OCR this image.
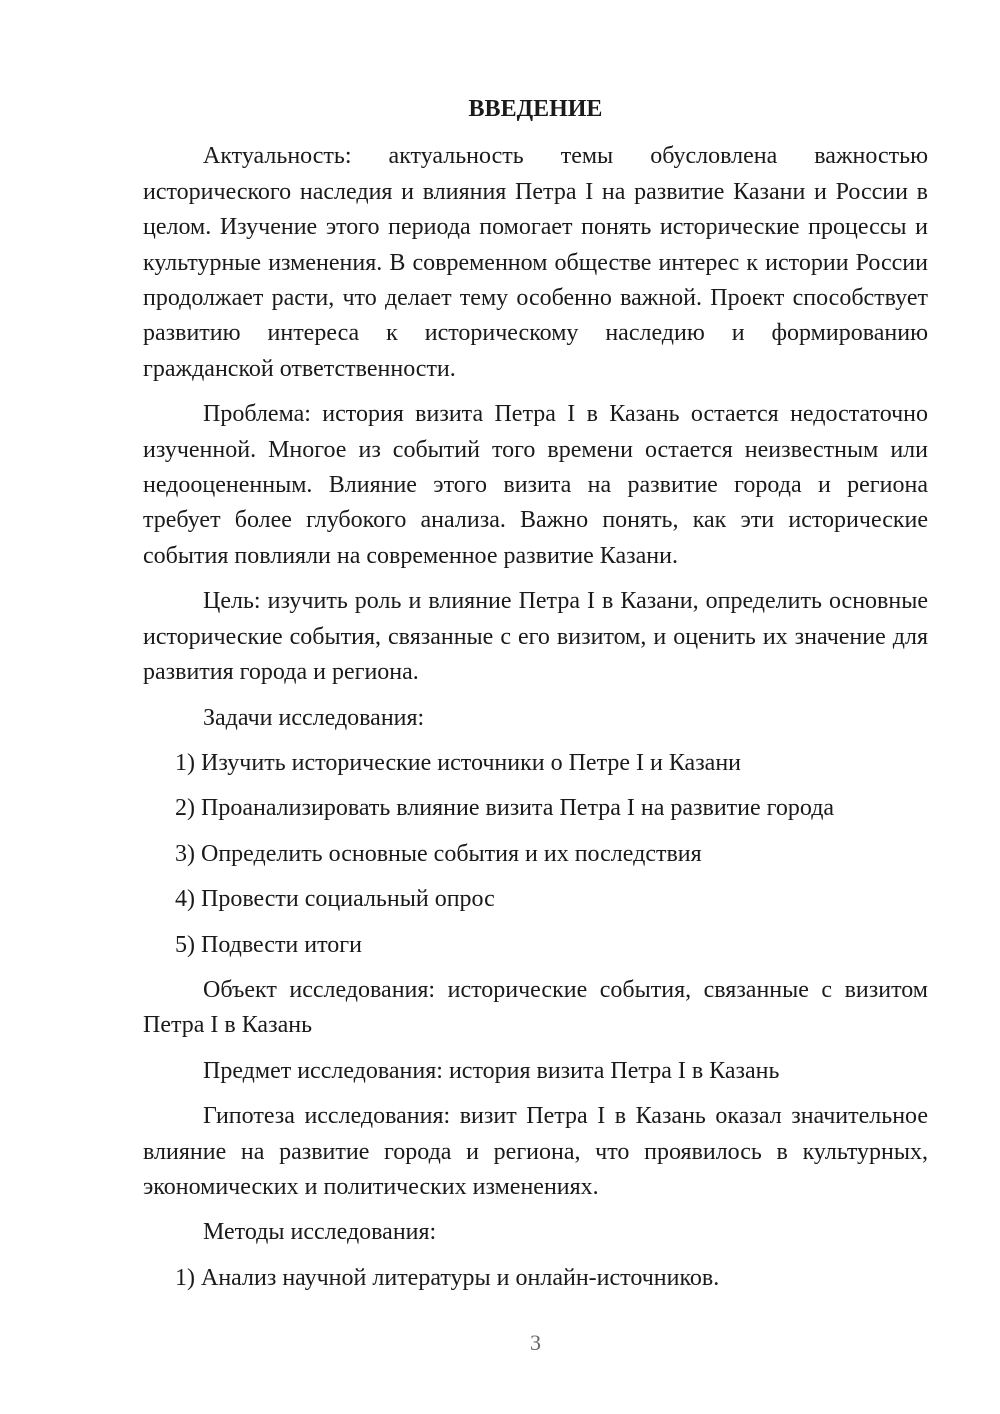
ВВЕДЕНИЕ

Актуальность: актуальность темы обусловлена важностью исторического наследия и влияния Петра I на развитие Казани и России в целом. Изучение этого периода помогает понять исторические процессы и культурные изменения. В современном обществе интерес к истории России продолжает расти, что делает тему особенно важной. Проект способствует развитию интереса к историческому наследию и формированию гражданской ответственности.

Проблема: история визита Петра I в Казань остается недостаточно изученной. Многое из событий того времени остается неизвестным или недооцененным. Влияние этого визита на развитие города и региона требует более глубокого анализа. Важно понять, как эти исторические события повлияли на современное развитие Казани.

Цель: изучить роль и влияние Петра I в Казани, определить основные исторические события, связанные с его визитом, и оценить их значение для развития города и региона.

Задачи исследования:

1) Изучить исторические источники о Петре I и Казани

2) Проанализировать влияние визита Петра I на развитие города

3) Определить основные события и их последствия

4) Провести социальный опрос

5) Подвести итоги

Объект исследования: исторические события, связанные с визитом Петра I в Казань

Предмет исследования: история визита Петра I в Казань

Гипотеза исследования: визит Петра I в Казань оказал значительное влияние на развитие города и региона, что проявилось в культурных, экономических и политических изменениях.

Методы исследования:

1) Анализ научной литературы и онлайн-источников.

3
